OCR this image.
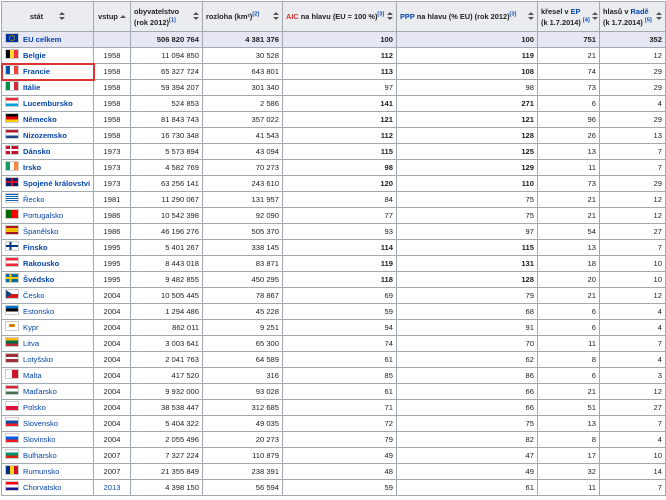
stát	vstup	obyvatelstvo
(rok 2012)[1]	rozloha (km²)[2]	AIC na hlavu (EU = 100 %)[3]	PPP na hlavu (% EU) (rok 2012)[3]	křesel v EP
(k 1.7.2014) [4]	hlasů v Radě
(k 1.7.2014) [5]

EU celkem		506 820 764	4 381 376	100	100	751	352
Belgie	1958	11 094 850	30 528	112	119	21	12
Francie	1958	65 327 724	643 801	113	108	74	29
Itálie	1958	59 394 207	301 340	97	98	73	29
Lucembursko	1958	524 853	2 586	141	271	6	4
Německo	1958	81 843 743	357 022	121	121	96	29
Nizozemsko	1958	16 730 348	41 543	112	128	26	13
Dánsko	1973	5 573 894	43 094	115	125	13	7
Irsko	1973	4 582 769	70 273	98	129	11	7
Spojené království	1973	63 256 141	243 610	120	110	73	29
Řecko	1981	11 290 067	131 957	84	75	21	12
Portugalsko	1986	10 542 398	92 090	77	75	21	12
Španělsko	1986	46 196 276	505 370	93	97	54	27
Finsko	1995	5 401 267	338 145	114	115	13	7
Rakousko	1995	8 443 018	83 871	119	131	18	10
Švédsko	1995	9 482 855	450 295	118	128	20	10

Česko	2004	10 505 445	78 867	69	79	21	12
Estonsko	2004	1 294 486	45 228	59	68	6	4

Kypr	2004	862 011	9 251	94	91	6	4
Litva	2004	3 003 641	65 300	74	70	11	7
Lotyšsko	2004	2 041 763	64 589	61	62	8	4
Malta	2004	417 520	316	85	86	6	3
Maďarsko	2004	9 932 000	93 028	61	66	21	12
Polsko	2004	38 538 447	312 685	71	66	51	27
Slovensko	2004	5 404 322	49 035	72	75	13	7
Slovinsko	2004	2 055 496	20 273	79	82	8	4
Bulharsko	2007	7 327 224	110 879	49	47	17	10
Rumunsko	2007	21 355 849	238 391	48	49	32	14
Chorvatsko	2013	4 398 150	56 594	59	61	11	7
